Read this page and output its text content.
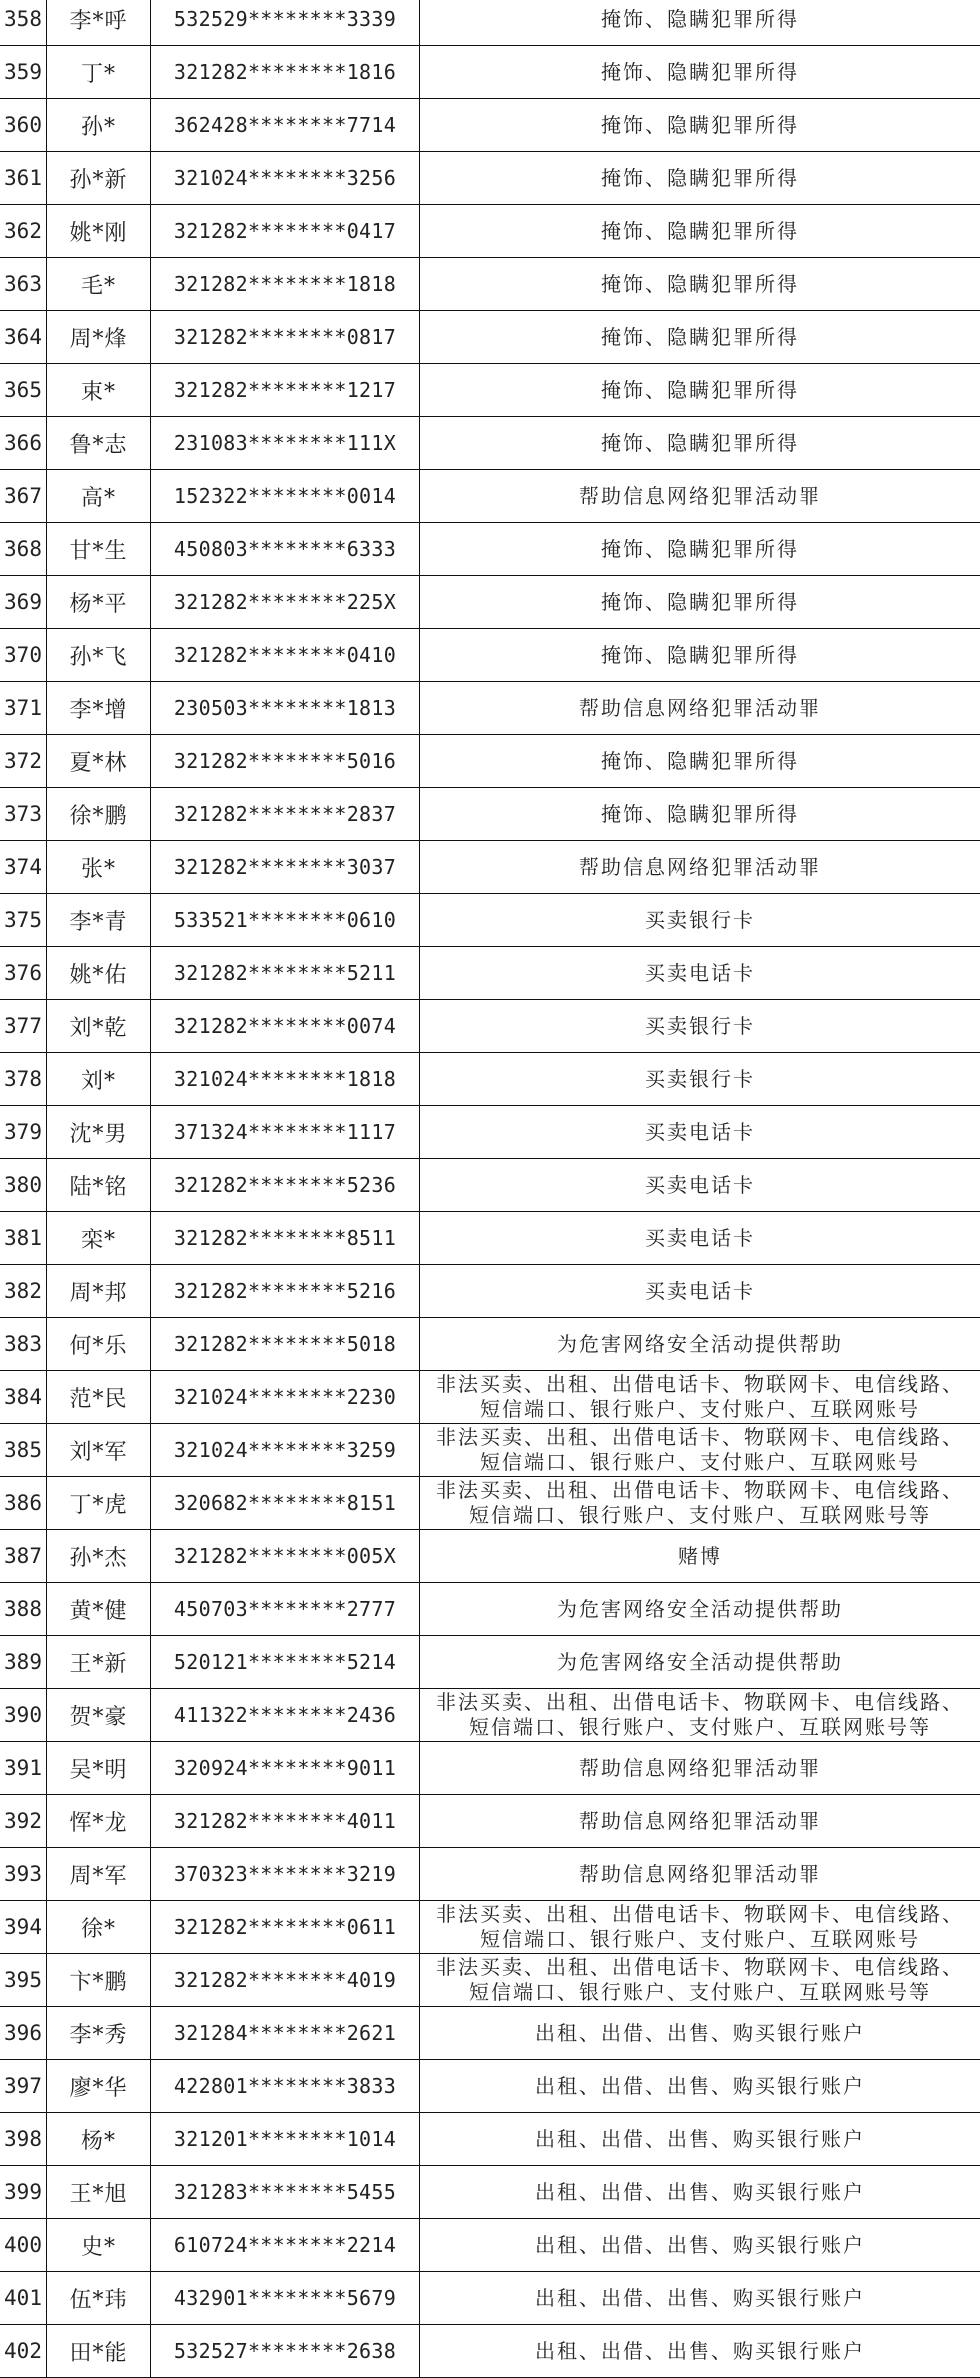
358	李*呼	532529********3339	掩饰、隐瞒犯罪所得

359	丁*	321282********1816	掩饰、隐瞒犯罪所得

360	孙*	362428********7714	掩饰、隐瞒犯罪所得

361	孙*新	321024********3256	掩饰、隐瞒犯罪所得

362	姚*刚	321282********0417	掩饰、隐瞒犯罪所得

363	毛*	321282********1818	掩饰、隐瞒犯罪所得

364	周*烽	321282********0817	掩饰、隐瞒犯罪所得

365	束*	321282********1217	掩饰、隐瞒犯罪所得

366	鲁*志	231083********111X	掩饰、隐瞒犯罪所得

367	高*	152322********0014	帮助信息网络犯罪活动罪

368	甘*生	450803********6333	掩饰、隐瞒犯罪所得

369	杨*平	321282********225X	掩饰、隐瞒犯罪所得

370	孙*飞	321282********0410	掩饰、隐瞒犯罪所得

371	李*增	230503********1813	帮助信息网络犯罪活动罪

372	夏*林	321282********5016	掩饰、隐瞒犯罪所得

373	徐*鹏	321282********2837	掩饰、隐瞒犯罪所得

374	张*	321282********3037	帮助信息网络犯罪活动罪

375	李*青	533521********0610	买卖银行卡

376	姚*佑	321282********5211	买卖电话卡

377	刘*乾	321282********0074	买卖银行卡

378	刘*	321024********1818	买卖银行卡

379	沈*男	371324********1117	买卖电话卡

380	陆*铭	321282********5236	买卖电话卡

381	栾*	321282********8511	买卖电话卡

382	周*邦	321282********5216	买卖电话卡

383	何*乐	321282********5018	为危害网络安全活动提供帮助

384	范*民	321024********2230	非法买卖、出租、出借电话卡、物联网卡、电信线路、
短信端口、银行账户、支付账户、互联网账号

385	刘*军	321024********3259	非法买卖、出租、出借电话卡、物联网卡、电信线路、
短信端口、银行账户、支付账户、互联网账号

386	丁*虎	320682********8151	非法买卖、出租、出借电话卡、物联网卡、电信线路、
短信端口、银行账户、支付账户、互联网账号等

387	孙*杰	321282********005X	赌博

388	黄*健	450703********2777	为危害网络安全活动提供帮助

389	王*新	520121********5214	为危害网络安全活动提供帮助

390	贺*豪	411322********2436	非法买卖、出租、出借电话卡、物联网卡、电信线路、
短信端口、银行账户、支付账户、互联网账号等

391	吴*明	320924********9011	帮助信息网络犯罪活动罪

392	恽*龙	321282********4011	帮助信息网络犯罪活动罪

393	周*军	370323********3219	帮助信息网络犯罪活动罪

394	徐*	321282********0611	非法买卖、出租、出借电话卡、物联网卡、电信线路、
短信端口、银行账户、支付账户、互联网账号

395	卞*鹏	321282********4019	非法买卖、出租、出借电话卡、物联网卡、电信线路、
短信端口、银行账户、支付账户、互联网账号等

396	李*秀	321284********2621	出租、出借、出售、购买银行账户

397	廖*华	422801********3833	出租、出借、出售、购买银行账户

398	杨*	321201********1014	出租、出借、出售、购买银行账户

399	王*旭	321283********5455	出租、出借、出售、购买银行账户

400	史*	610724********2214	出租、出借、出售、购买银行账户

401	伍*玮	432901********5679	出租、出借、出售、购买银行账户

402	田*能	532527********2638	出租、出借、出售、购买银行账户
